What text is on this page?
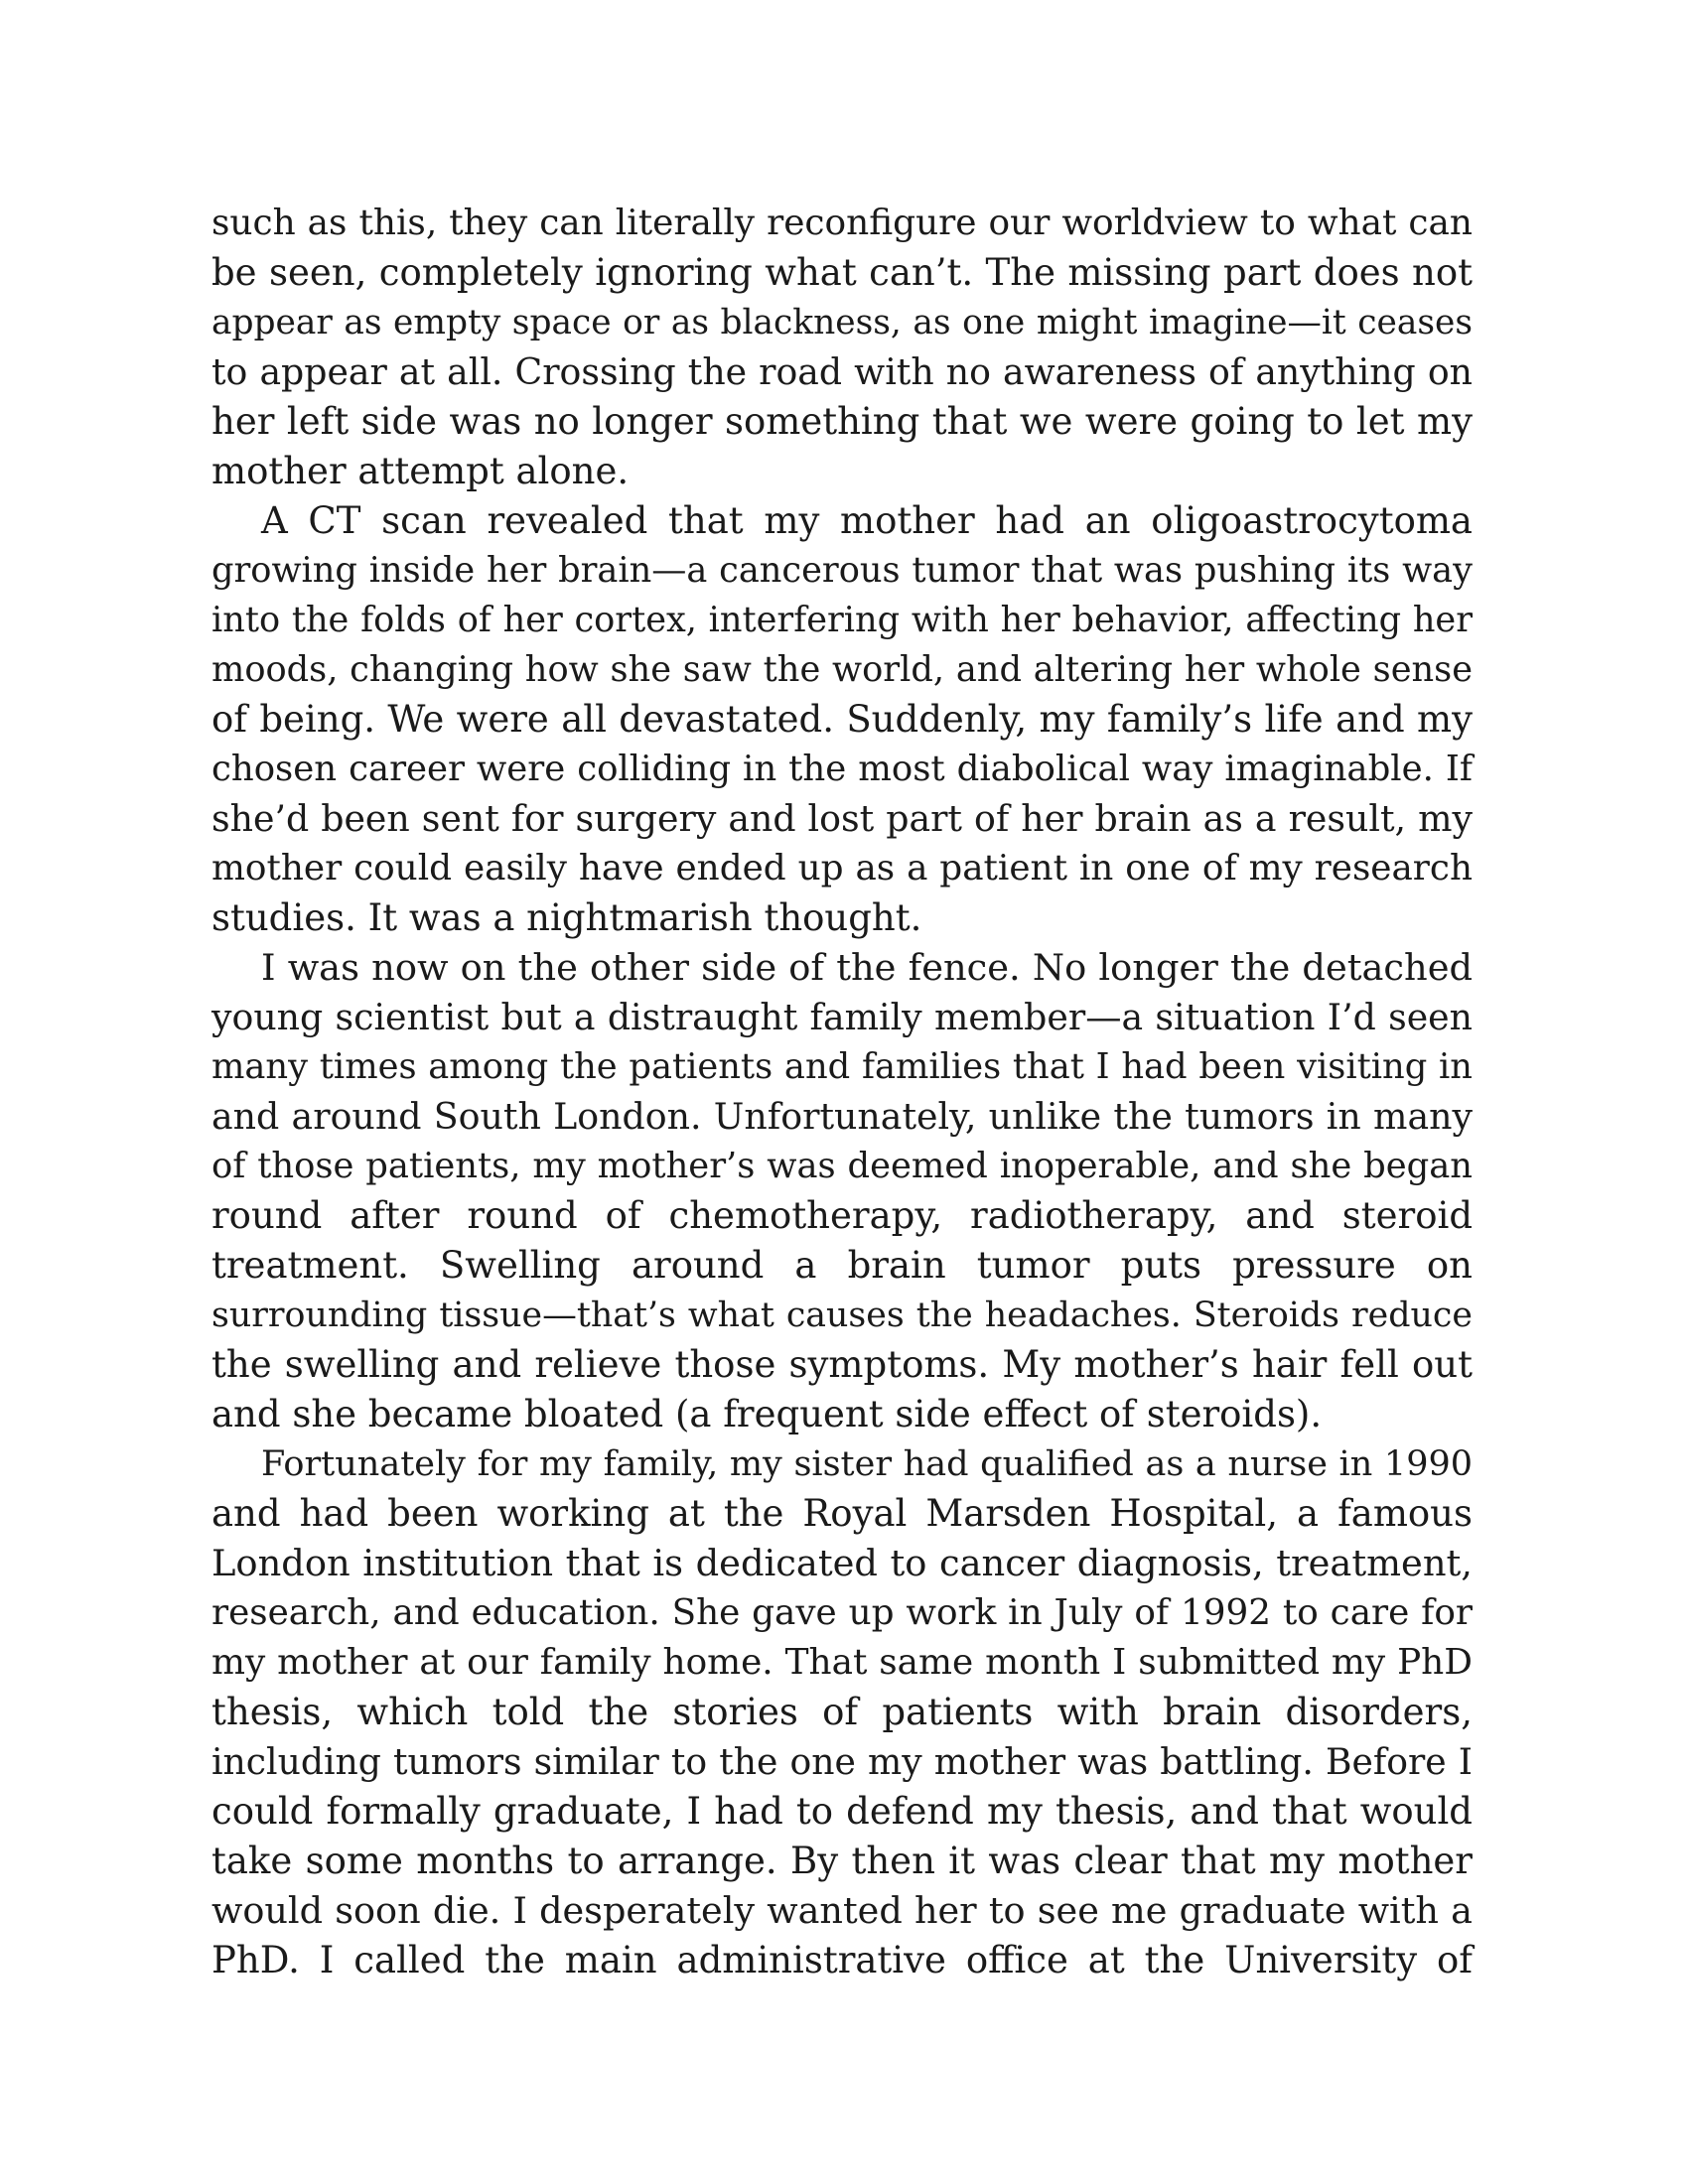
such as this, they can literally reconfigure our worldview to what can
be seen, completely ignoring what can’t. The missing part does not
appear as empty space or as blackness, as one might imagine—it ceases
to appear at all. Crossing the road with no awareness of anything on
her left side was no longer something that we were going to let my
mother attempt alone.
A CT scan revealed that my mother had an oligoastrocytoma
growing inside her brain—a cancerous tumor that was pushing its way
into the folds of her cortex, interfering with her behavior, affecting her
moods, changing how she saw the world, and altering her whole sense
of being. We were all devastated. Suddenly, my family’s life and my
chosen career were colliding in the most diabolical way imaginable. If
she’d been sent for surgery and lost part of her brain as a result, my
mother could easily have ended up as a patient in one of my research
studies. It was a nightmarish thought.
I was now on the other side of the fence. No longer the detached
young scientist but a distraught family member—a situation I’d seen
many times among the patients and families that I had been visiting in
and around South London. Unfortunately, unlike the tumors in many
of those patients, my mother’s was deemed inoperable, and she began
round after round of chemotherapy, radiotherapy, and steroid
treatment. Swelling around a brain tumor puts pressure on
surrounding tissue—that’s what causes the headaches. Steroids reduce
the swelling and relieve those symptoms. My mother’s hair fell out
and she became bloated (a frequent side effect of steroids).
Fortunately for my family, my sister had qualified as a nurse in 1990
and had been working at the Royal Marsden Hospital, a famous
London institution that is dedicated to cancer diagnosis, treatment,
research, and education. She gave up work in July of 1992 to care for
my mother at our family home. That same month I submitted my PhD
thesis, which told the stories of patients with brain disorders,
including tumors similar to the one my mother was battling. Before I
could formally graduate, I had to defend my thesis, and that would
take some months to arrange. By then it was clear that my mother
would soon die. I desperately wanted her to see me graduate with a
PhD. I called the main administrative office at the University of
